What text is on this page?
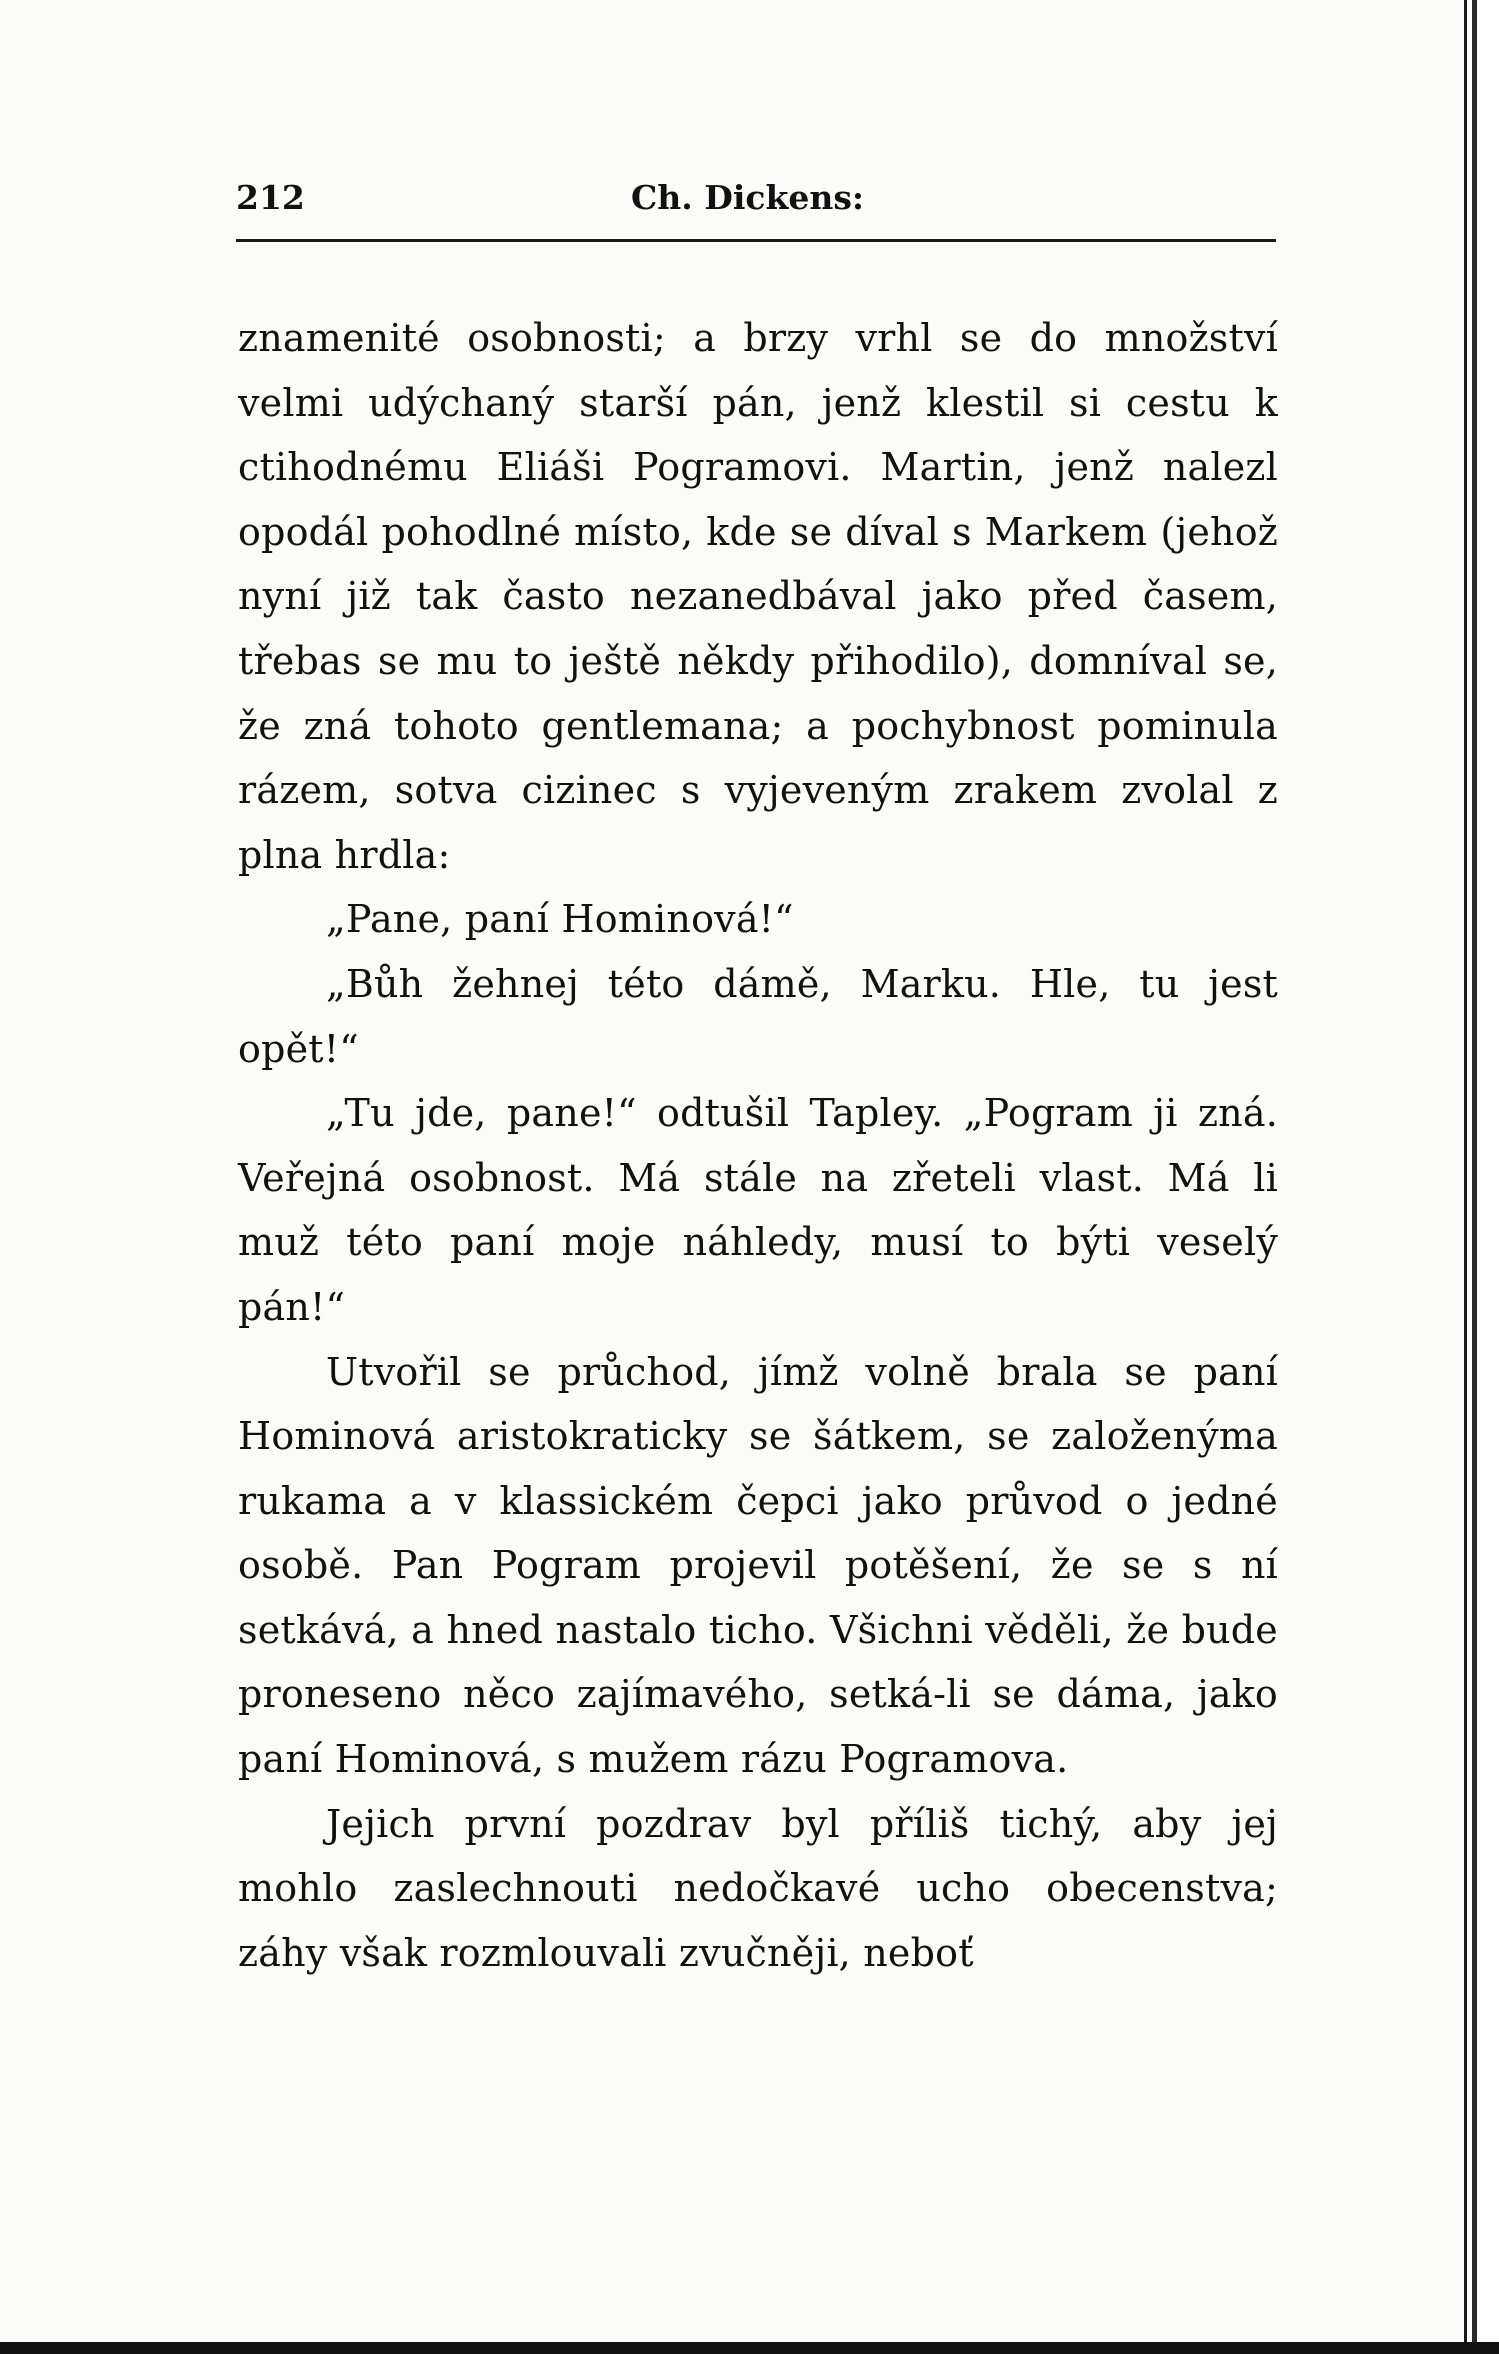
212	Ch. Dickens:

znamenité osobnosti; a brzy vrhl se do množství velmi udýchaný starší pán, jenž klestil si cestu k ctihodnému Eliáši Pogramovi. Martin, jenž nalezl opodál pohodlné místo, kde se díval s Markem (jehož nyní již tak často nezanedbával jako před časem, třebas se mu to ještě někdy přihodilo), domníval se, že zná tohoto gentlemana; a pochybnost pominula rázem, sotva cizinec s vyjeveným zrakem zvolal z plna hrdla:

„Pane, paní Hominová!“

„Bůh žehnej této dámě, Marku. Hle, tu jest opět!“

„Tu jde, pane!“ odtušil Tapley. „Pogram ji zná. Veřejná osobnost. Má stále na zřeteli vlast. Má li muž této paní moje náhledy, musí to býti veselý pán!“

Utvořil se průchod, jímž volně brala se paní Hominová aristokraticky se šátkem, se založenýma rukama a v klassickém čepci jako průvod o jedné osobě. Pan Pogram projevil potěšení, že se s ní setkává, a hned nastalo ticho. Všichni věděli, že bude proneseno něco zajímavého, setká-li se dáma, jako paní Hominová, s mužem rázu Pogramova.

Jejich první pozdrav byl příliš tichý, aby jej mohlo zaslechnouti nedočkavé ucho obecenstva; záhy však rozmlouvali zvučněji, neboť
